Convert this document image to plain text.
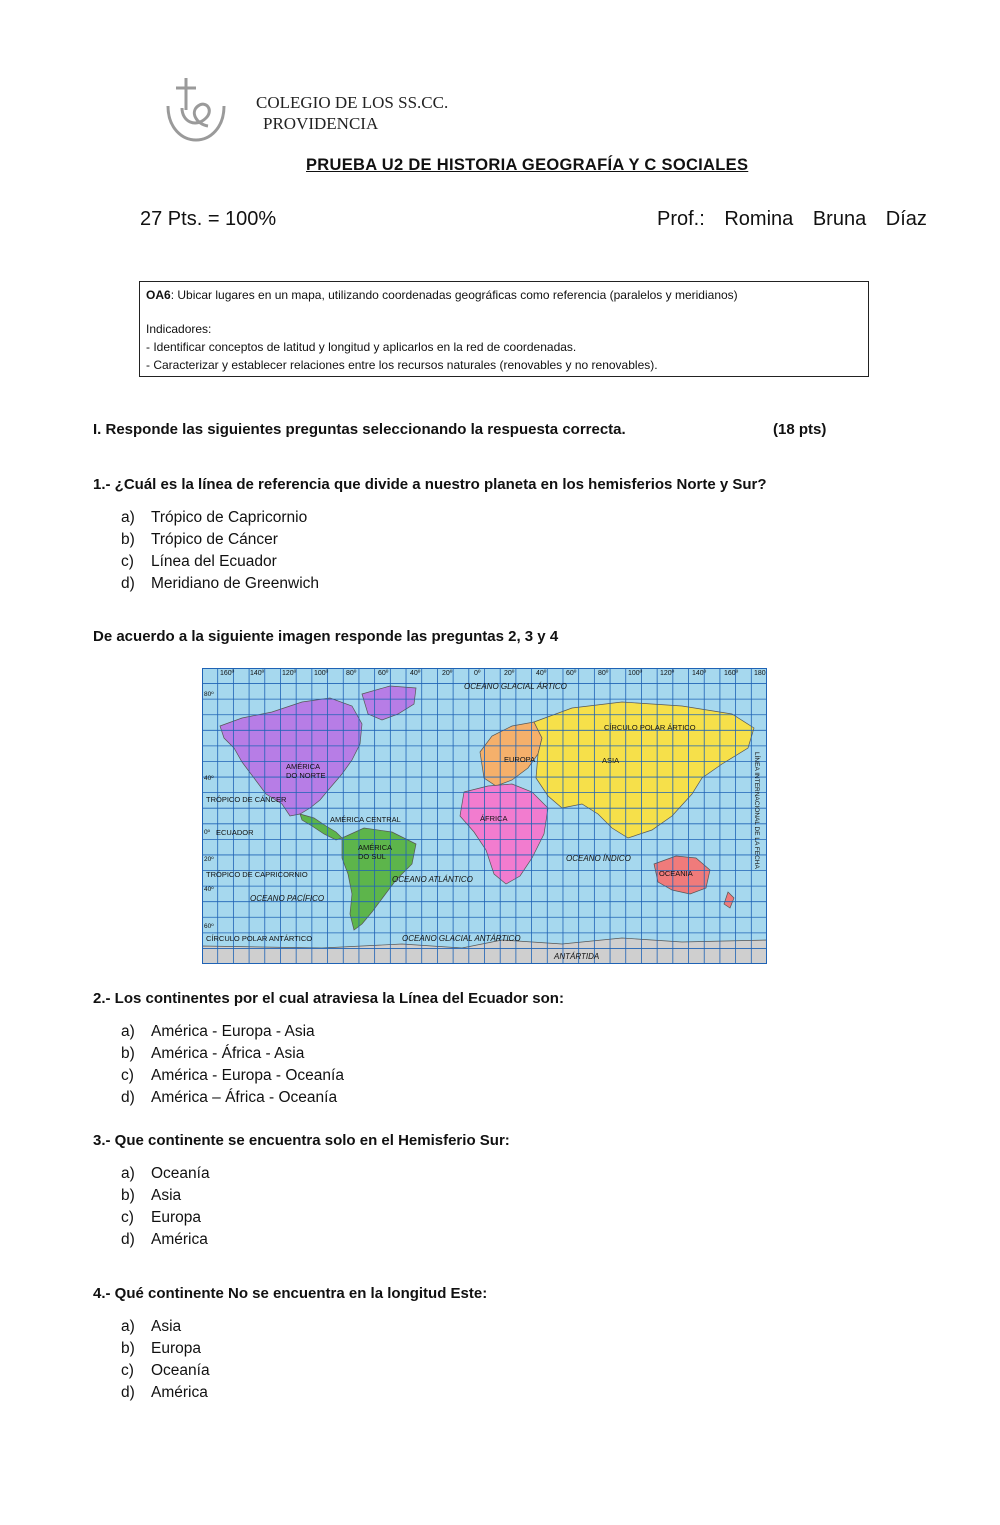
COLEGIO DE LOS SS.CC.
PROVIDENCIA
PRUEBA U2 DE HISTORIA GEOGRAFÍA Y C SOCIALES
27 Pts. = 100%	Prof.: Romina Bruna Díaz
OA6: Ubicar lugares en un mapa, utilizando coordenadas geográficas como referencia (paralelos y meridianos)
Indicadores:
- Identificar conceptos de latitud y longitud y aplicarlos en la red de coordenadas.
- Caracterizar y establecer relaciones entre los recursos naturales (renovables y no renovables).
I. Responde las siguientes preguntas seleccionando la respuesta correcta.	(18 pts)
1.- ¿Cuál es la línea de referencia que divide a nuestro planeta en los hemisferios Norte y Sur?
a) Trópico de Capricornio
b) Trópico de Cáncer
c) Línea del Ecuador
d) Meridiano de Greenwich
De acuerdo a la siguiente imagen responde las preguntas 2, 3 y 4
160º 140º	120º	100º	80º	60º	40º	20º	0º	20º	40º	60º	80º	100º	120º	140º	160º 180
80º
40º
0º
20º
40º
60º
OCEANO GLACIAL ÁRTICO
CÍRCULO POLAR ÁRTICO
TRÓPICO DE CÁNCER
ECUADOR
TRÓPICO DE CAPRICORNIO
CÍRCULO POLAR ANTÁRTICO
OCEANO PACÍFICO
OCEANO ATLÁNTICO
OCEANO ÍNDICO
OCEANO GLACIAL ANTÁRTICO
ANTÁRTIDA
LÍNEA INTERNACIONAL DE LA FECHA
AMÉRICA
DO NORTE
AMÉRICA CENTRAL
AMÉRICA
DO SUL
EUROPA	ASIA
ÁFRICA
OCEANIA
2.- Los continentes por el cual atraviesa la Línea del Ecuador son:
a) América - Europa - Asia
b) América - África - Asia
c) América - Europa - Oceanía
d) América – África - Oceanía
3.- Que continente se encuentra solo en el Hemisferio Sur:
a) Oceanía
b) Asia
c) Europa
d) América
4.- Qué continente No se encuentra en la longitud Este:
a) Asia
b) Europa
c) Oceanía
d) América
